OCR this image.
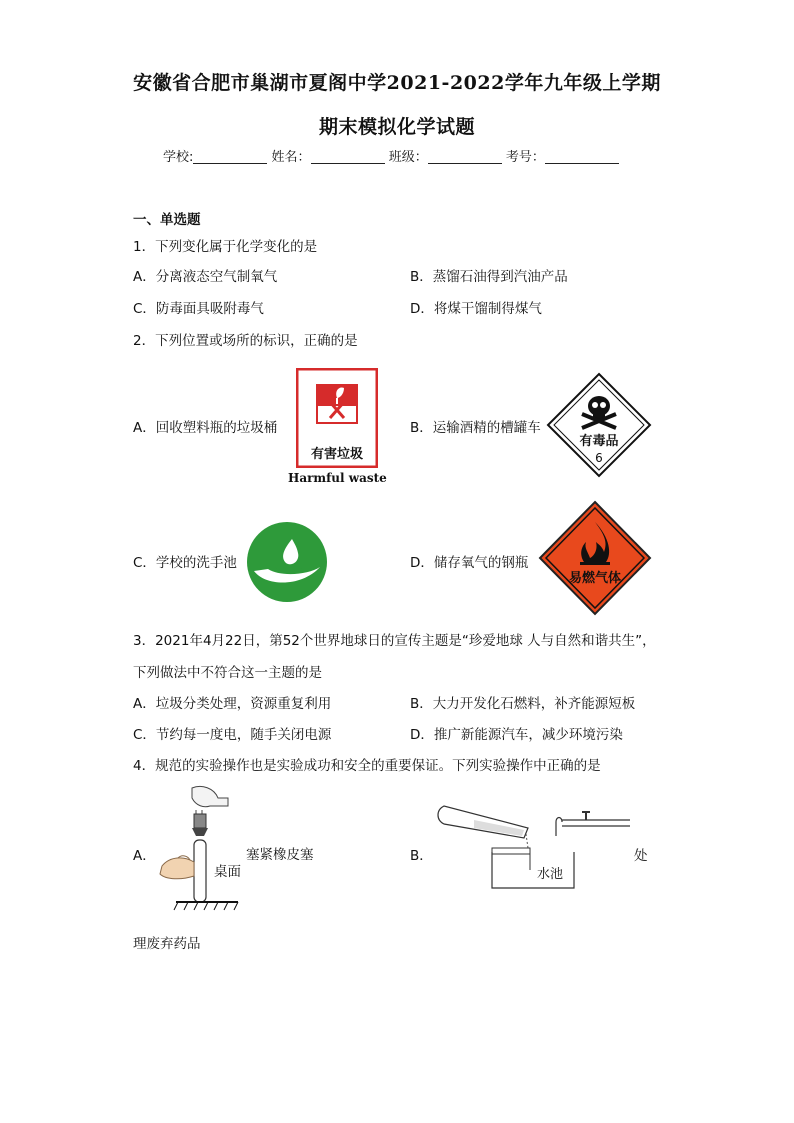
安徽省合肥市巢湖市夏阁中学2021-2022学年九年级上学期
期末模拟化学试题
学校:	姓名：	班级：	考号：
一、单选题
1．下列变化属于化学变化的是
A．分离液态空气制氧气	B．蒸馏石油得到汽油产品
C．防毒面具吸附毒气	D．将煤干馏制得煤气
2．下列位置或场所的标识，正确的是
A．回收塑料瓶的垃圾桶
有害垃圾
Harmful waste
B．运输酒精的槽罐车
有毒品
6
C．学校的洗手池	D．储存氧气的钢瓶
易燃气体
3．2021年4月22日，第52个世界地球日的宣传主题是“珍爱地球 人与自然和谐共生”，
下列做法中不符合这一主题的是
A．垃圾分类处理，资源重复利用	B．大力开发化石燃料，补齐能源短板
C．节约每一度电，随手关闭电源	D．推广新能源汽车，减少环境污染
4．规范的实验操作也是实验成功和安全的重要保证。下列实验操作中正确的是
A．	塞紧橡皮塞
桌面
B．
水池
处
理废弃药品
